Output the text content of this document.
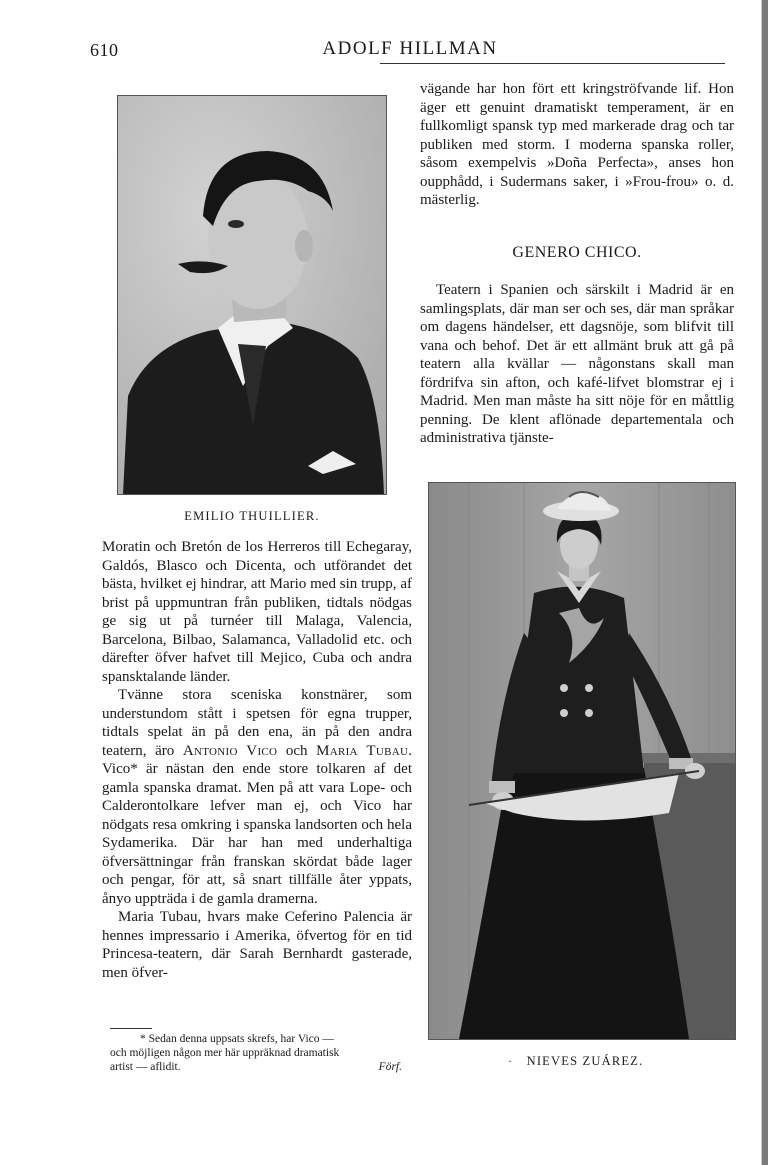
610	ADOLF HILLMAN
EMILIO THUILLIER.

vägande har hon fört ett kringströfvande lif. Hon äger ett genuint dramatiskt temperament, är en fullkomligt spansk typ med markerade drag och tar publiken med storm. I moderna spanska roller, såsom exempelvis »Doña Perfecta», anses hon oupphådd, i Sudermans saker, i »Frou-frou» o. d. mästerlig.

GENERO CHICO.

Teatern i Spanien och särskilt i Madrid är en samlingsplats, där man ser och ses, där man språkar om dagens händelser, ett dagsnöje, som blifvit till vana och behof. Det är ett allmänt bruk att gå på teatern alla kvällar — någonstans skall man fördrifva sin afton, och kafé-lifvet blomstrar ej i Madrid. Men man måste ha sitt nöje för en måttlig penning. De klent aflönade departementala och administrativa tjänste-

·	NIEVES ZUÁREZ.

Moratin och Bretón de los Herreros till Echegaray, Galdós, Blasco och Dicenta, och utförandet det bästa, hvilket ej hindrar, att Mario med sin trupp, af brist på uppmuntran från publiken, tidtals nödgas ge sig ut på turnéer till Malaga, Valencia, Barcelona, Bilbao, Salamanca, Valladolid etc. och därefter öfver hafvet till Mejico, Cuba och andra spansktalande länder.

Tvänne stora sceniska konstnärer, som understundom stått i spetsen för egna trupper, tidtals spelat än på den ena, än på den andra teatern, äro Antonio Vico och Maria Tubau. Vico* är nästan den ende store tolkaren af det gamla spanska dramat. Men på att vara Lope- och Calderontolkare lefver man ej, och Vico har nödgats resa omkring i spanska landsorten och hela Sydamerika. Där har han med underhaltiga öfversättningar från franskan skördat både lager och pengar, för att, så snart tillfälle åter yppats, ånyo uppträda i de gamla dramerna.

Maria Tubau, hvars make Ceferino Palencia är hennes impressario i Amerika, öfvertog för en tid Princesa-teatern, där Sarah Bernhardt gasterade, men öfver-

* Sedan denna uppsats skrefs, har Vico —
och möjligen någon mer här uppräknad dramatisk
artist — aflidit.	Förf.
